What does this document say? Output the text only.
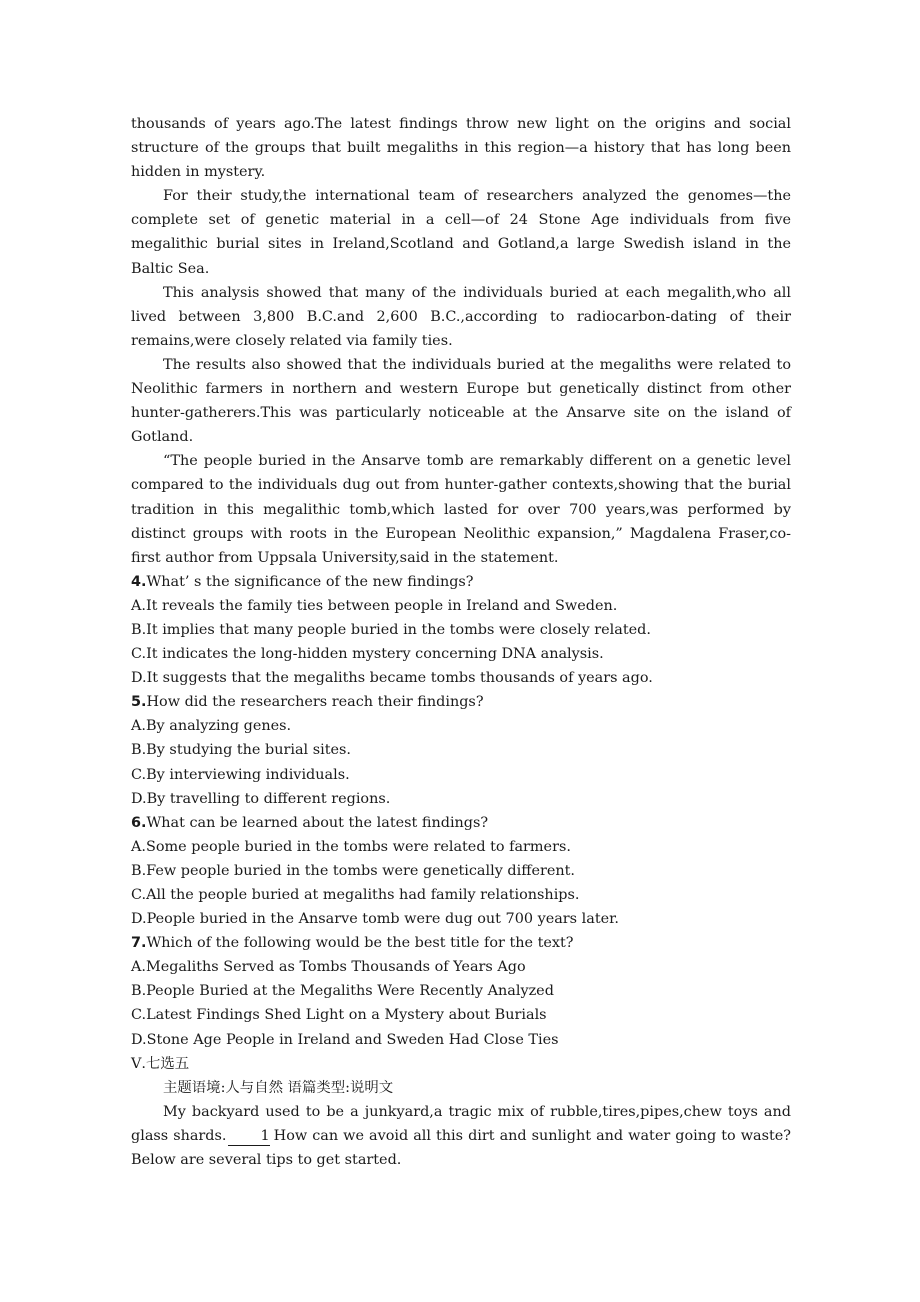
thousands of years ago.The latest findings throw new light on the origins and social structure of the groups that built megaliths in this region—a history that has long been hidden in mystery.

For their study,the international team of researchers analyzed the genomes—the complete set of genetic material in a cell—of 24 Stone Age individuals from five megalithic burial sites in Ireland,Scotland and Gotland,a large Swedish island in the Baltic Sea.

This analysis showed that many of the individuals buried at each megalith,who all lived between 3,800 B.C.and 2,600 B.C.,according to radiocarbon-dating of their remains,were closely related via family ties.

The results also showed that the individuals buried at the megaliths were related to Neolithic farmers in northern and western Europe but genetically distinct from other hunter-gatherers.This was particularly noticeable at the Ansarve site on the island of Gotland.

“The people buried in the Ansarve tomb are remarkably different on a genetic level compared to the individuals dug out from hunter-gather contexts,showing that the burial tradition in this megalithic tomb,which lasted for over 700 years,was performed by distinct groups with roots in the European Neolithic expansion,” Magdalena Fraser,co-first author from Uppsala University,said in the statement.

4.What’ s the significance of the new findings?

A.It reveals the family ties between people in Ireland and Sweden.

B.It implies that many people buried in the tombs were closely related.

C.It indicates the long-hidden mystery concerning DNA analysis.

D.It suggests that the megaliths became tombs thousands of years ago.

5.How did the researchers reach their findings?

A.By analyzing genes.

B.By studying the burial sites.

C.By interviewing individuals.

D.By travelling to different regions.

6.What can be learned about the latest findings?

A.Some people buried in the tombs were related to farmers.

B.Few people buried in the tombs were genetically different.

C.All the people buried at megaliths had family relationships.

D.People buried in the Ansarve tomb were dug out 700 years later.

7.Which of the following would be the best title for the text?

A.Megaliths Served as Tombs Thousands of Years Ago

B.People Buried at the Megaliths Were Recently Analyzed

C.Latest Findings Shed Light on a Mystery about Burials

D.Stone Age People in Ireland and Sweden Had Close Ties

Ⅴ.七选五

主题语境:人与自然 语篇类型:说明文

My backyard used to be a junkyard,a tragic mix of rubble,tires,pipes,chew toys and glass shards. 1 How can we avoid all this dirt and sunlight and water going to waste?Below are several tips to get started.
